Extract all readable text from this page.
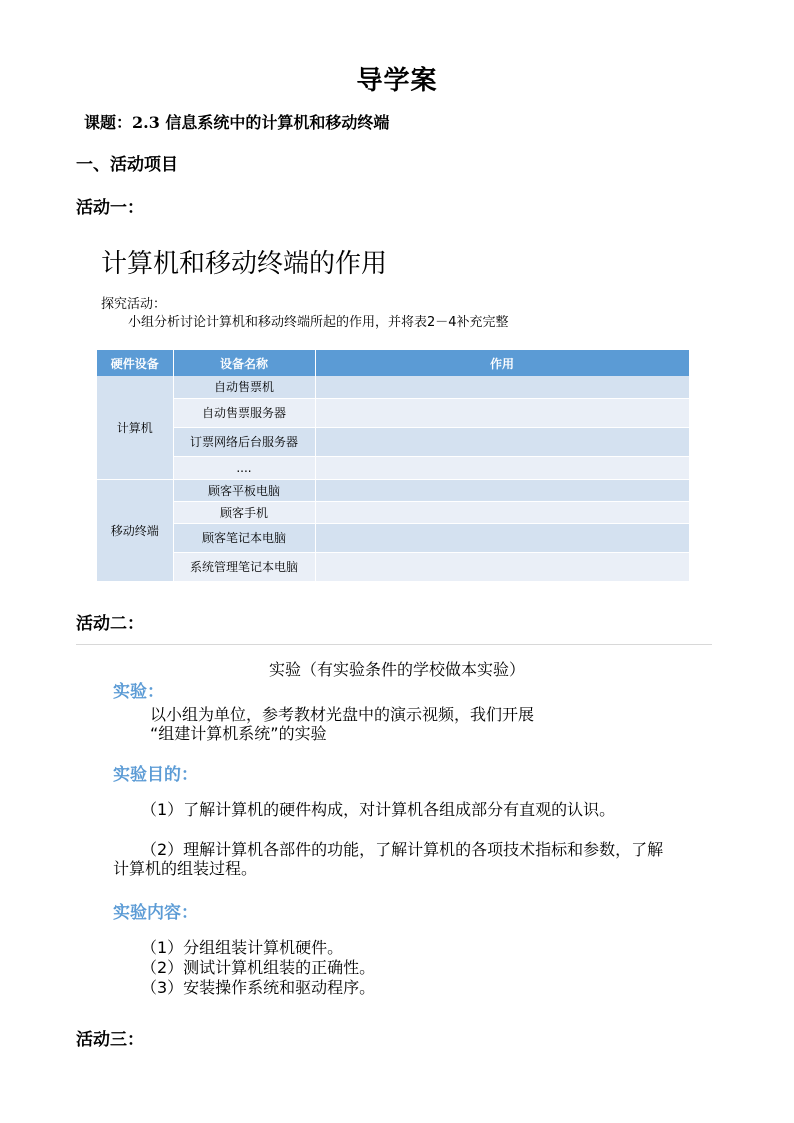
导学案
课题：2.3 信息系统中的计算机和移动终端
一、活动项目
活动一：
计算机和移动终端的作用
探究活动：
小组分析讨论计算机和移动终端所起的作用，并将表2－4补充完整
硬件设备	设备名称	作用
计算机	自动售票机	
	自动售票服务器	
	订票网络后台服务器	
	....	
移动终端	顾客平板电脑	
	顾客手机	
	顾客笔记本电脑	
	系统管理笔记本电脑	
活动二：
实验（有实验条件的学校做本实验）
实验：
以小组为单位，参考教材光盘中的演示视频，我们开展
“组建计算机系统”的实验
实验目的：
（1）了解计算机的硬件构成，对计算机各组成部分有直观的认识。
（2）理解计算机各部件的功能，了解计算机的各项技术指标和参数，了解计算机的组装过程。
实验内容：
（1）分组组装计算机硬件。
（2）测试计算机组装的正确性。
（3）安装操作系统和驱动程序。
活动三：
